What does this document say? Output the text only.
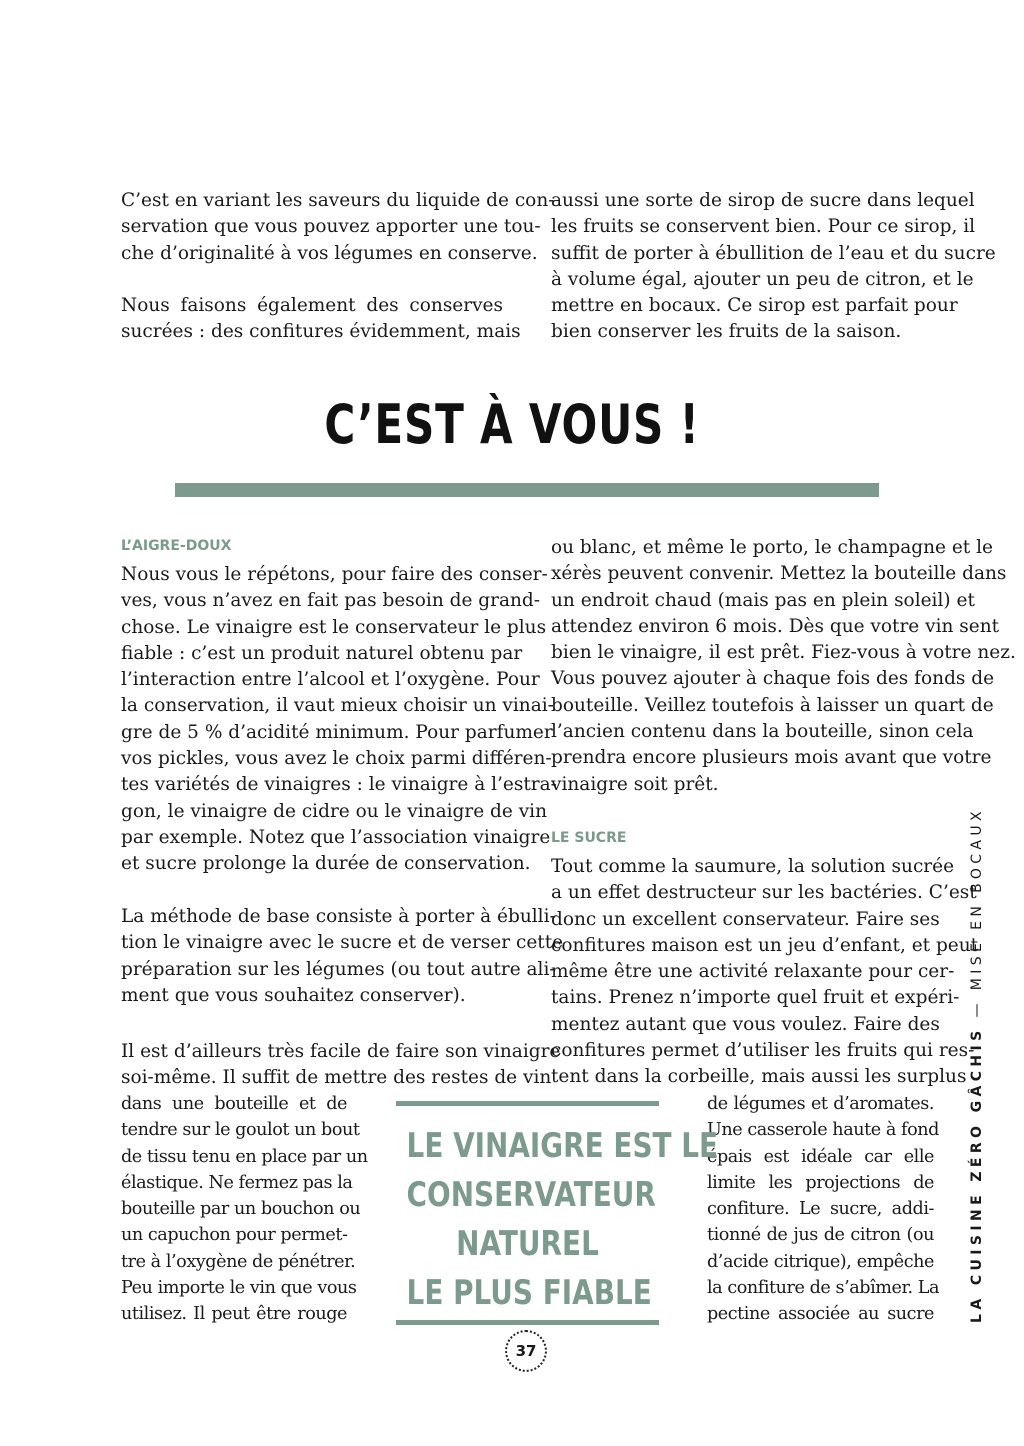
C’est en variant les saveurs du liquide de con-
servation que vous pouvez apporter une tou-
che d’originalité à vos légumes en conserve.

Nous faisons également des conserves
sucrées : des confitures évidemment, mais
aussi une sorte de sirop de sucre dans lequel
les fruits se conservent bien. Pour ce sirop, il
suffit de porter à ébullition de l’eau et du sucre
à volume égal, ajouter un peu de citron, et le
mettre en bocaux. Ce sirop est parfait pour
bien conserver les fruits de la saison.
C’EST À VOUS !
L’AIGRE-DOUX
Nous vous le répétons, pour faire des conser-
ves, vous n’avez en fait pas besoin de grand-
chose. Le vinaigre est le conservateur le plus
fiable : c’est un produit naturel obtenu par
l’interaction entre l’alcool et l’oxygène. Pour
la conservation, il vaut mieux choisir un vinai-
gre de 5 % d’acidité minimum. Pour parfumer
vos pickles, vous avez le choix parmi différen-
tes variétés de vinaigres : le vinaigre à l’estra-
gon, le vinaigre de cidre ou le vinaigre de vin
par exemple. Notez que l’association vinaigre
et sucre prolonge la durée de conservation.
La méthode de base consiste à porter à ébulli-
tion le vinaigre avec le sucre et de verser cette
préparation sur les légumes (ou tout autre ali-
ment que vous souhaitez conserver).
Il est d’ailleurs très facile de faire son vinaigre
soi-même. Il suffit de mettre des restes de vin
dans une bouteille et de
tendre sur le goulot un bout
de tissu tenu en place par un
élastique. Ne fermez pas la
bouteille par un bouchon ou
un capuchon pour permet-
tre à l’oxygène de pénétrer.
Peu importe le vin que vous
utilisez. Il peut être rouge
ou blanc, et même le porto, le champagne et le
xérès peuvent convenir. Mettez la bouteille dans
un endroit chaud (mais pas en plein soleil) et
attendez environ 6 mois. Dès que votre vin sent
bien le vinaigre, il est prêt. Fiez-vous à votre nez.
Vous pouvez ajouter à chaque fois des fonds de
bouteille. Veillez toutefois à laisser un quart de
l’ancien contenu dans la bouteille, sinon cela
prendra encore plusieurs mois avant que votre
vinaigre soit prêt.
LE SUCRE
Tout comme la saumure, la solution sucrée
a un effet destructeur sur les bactéries. C’est
donc un excellent conservateur. Faire ses
confitures maison est un jeu d’enfant, et peut
même être une activité relaxante pour cer-
tains. Prenez n’importe quel fruit et expéri-
mentez autant que vous voulez. Faire des
confitures permet d’utiliser les fruits qui res-
tent dans la corbeille, mais aussi les surplus
de légumes et d’aromates.
Une casserole haute à fond
épais est idéale car elle
limite les projections de
confiture. Le sucre, addi-
tionné de jus de citron (ou
d’acide citrique), empêche
la confiture de s’abîmer. La
pectine associée au sucre
LE VINAIGRE EST LE
CONSERVATEUR
NATUREL
LE PLUS FIABLE
37
LA CUISINE ZÉRO GÂCHIS — MISE EN BOCAUX
